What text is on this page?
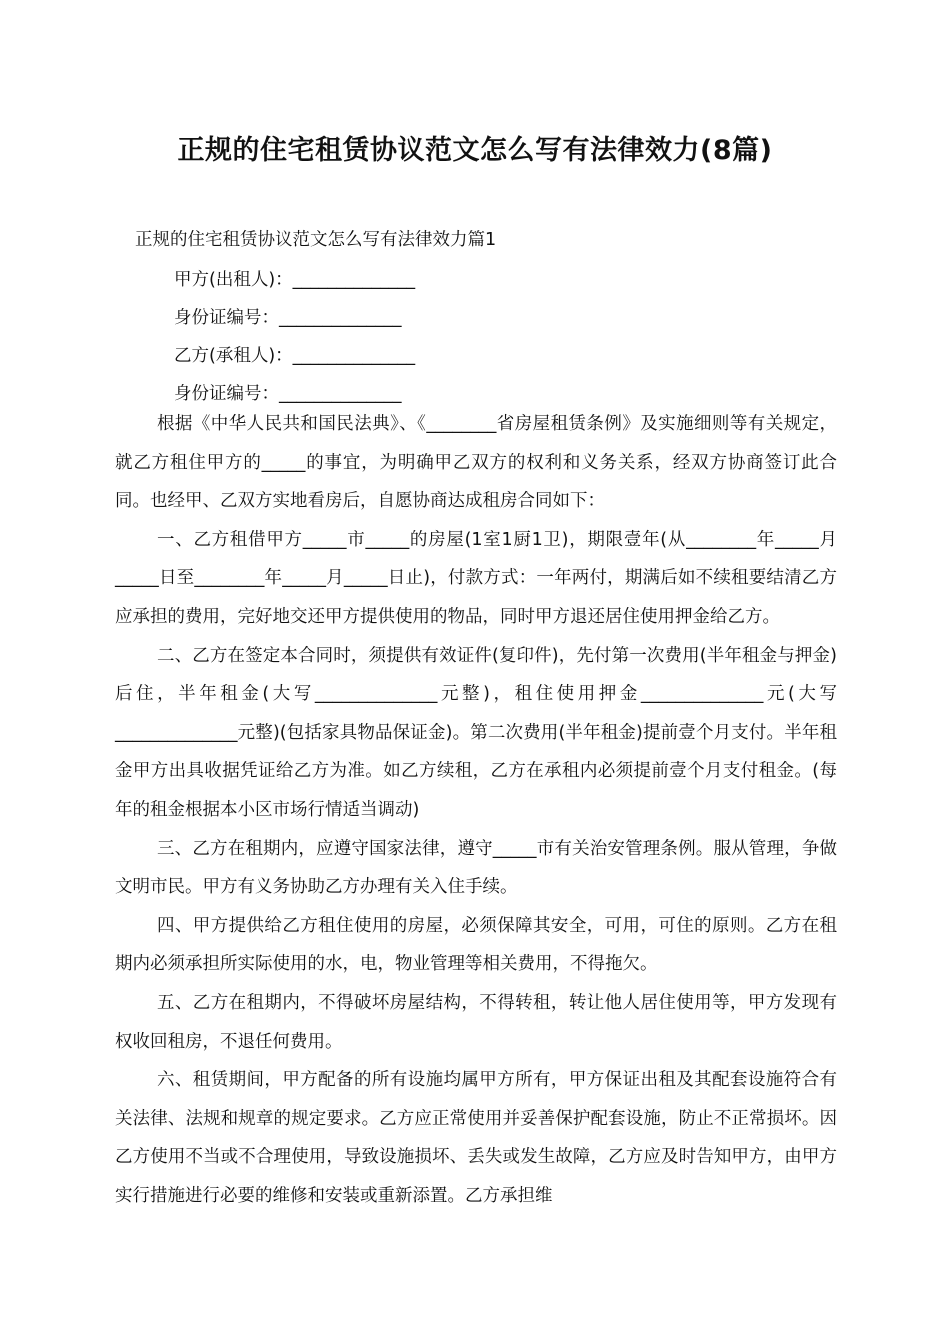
正规的住宅租赁协议范文怎么写有法律效力(8篇)
正规的住宅租赁协议范文怎么写有法律效力篇1
甲方(出租人)：______________
身份证编号：______________
乙方(承租人)：______________
身份证编号：______________

根据《中华人民共和国民法典》、《________省房屋租赁条例》及实施细则等有关规定，就乙方租住甲方的_____的事宜，为明确甲乙双方的权利和义务关系，经双方协商签订此合同。也经甲、乙双方实地看房后，自愿协商达成租房合同如下：

一、乙方租借甲方_____市_____的房屋(1室1厨1卫)，期限壹年(从________年_____月_____日至________年_____月_____日止)，付款方式：一年两付，期满后如不续租要结清乙方应承担的费用，完好地交还甲方提供使用的物品，同时甲方退还居住使用押金给乙方。

二、乙方在签定本合同时，须提供有效证件(复印件)，先付第一次费用(半年租金与押金)后住，半年租金(大写______________元整)，租住使用押金______________元(大写______________元整)(包括家具物品保证金)。第二次费用(半年租金)提前壹个月支付。半年租金甲方出具收据凭证给乙方为准。如乙方续租，乙方在承租内必须提前壹个月支付租金。(每年的租金根据本小区市场行情适当调动)

三、乙方在租期内，应遵守国家法律，遵守_____市有关治安管理条例。服从管理，争做文明市民。甲方有义务协助乙方办理有关入住手续。

四、甲方提供给乙方租住使用的房屋，必须保障其安全，可用，可住的原则。乙方在租期内必须承担所实际使用的水，电，物业管理等相关费用，不得拖欠。

五、乙方在租期内，不得破坏房屋结构，不得转租，转让他人居住使用等，甲方发现有权收回租房，不退任何费用。

六、租赁期间，甲方配备的所有设施均属甲方所有，甲方保证出租及其配套设施符合有关法律、法规和规章的规定要求。乙方应正常使用并妥善保护配套设施，防止不正常损坏。因乙方使用不当或不合理使用，导致设施损坏、丢失或发生故障，乙方应及时告知甲方，由甲方实行措施进行必要的维修和安装或重新添置。乙方承担维
